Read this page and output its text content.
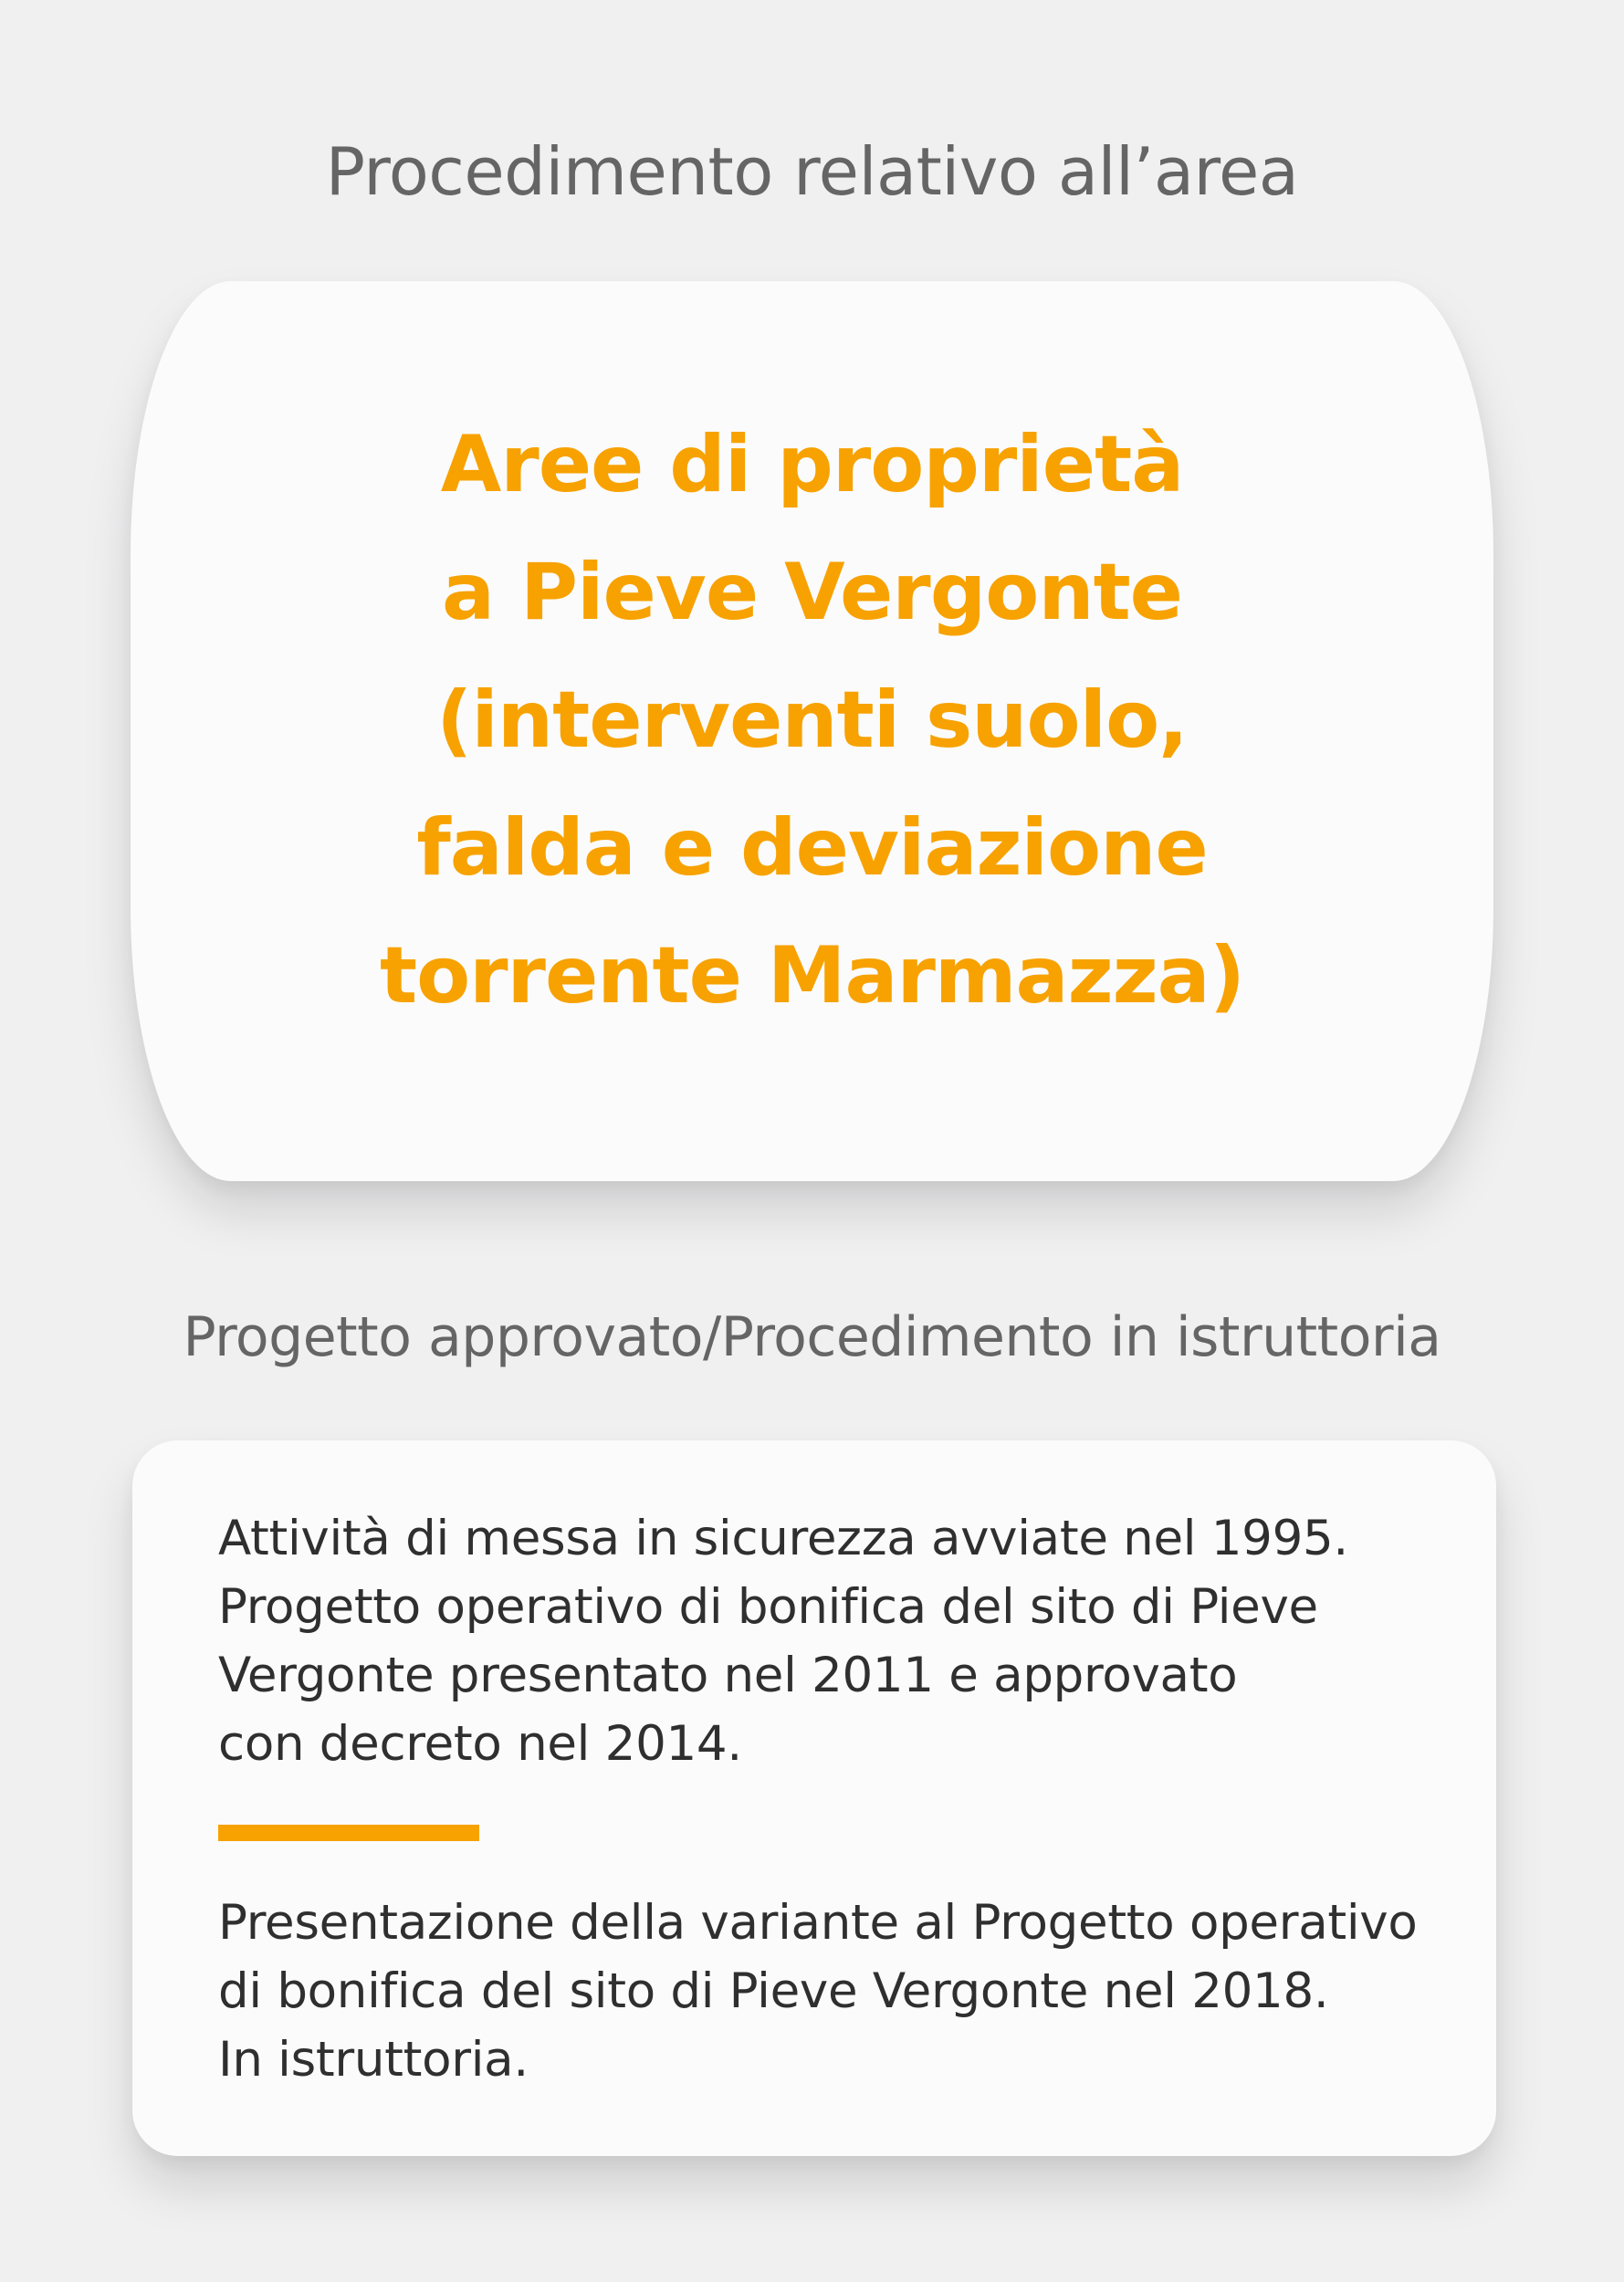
Procedimento relativo all’area
Aree di proprietà
a Pieve Vergonte
(interventi suolo,
falda e deviazione
torrente Marmazza)
Progetto approvato/Procedimento in istruttoria

Attività di messa in sicurezza avviate nel 1995.
Progetto operativo di bonifica del sito di Pieve
Vergonte presentato nel 2011 e approvato
con decreto nel 2014.

Presentazione della variante al Progetto operativo
di bonifica del sito di Pieve Vergonte nel 2018.
In istruttoria.
